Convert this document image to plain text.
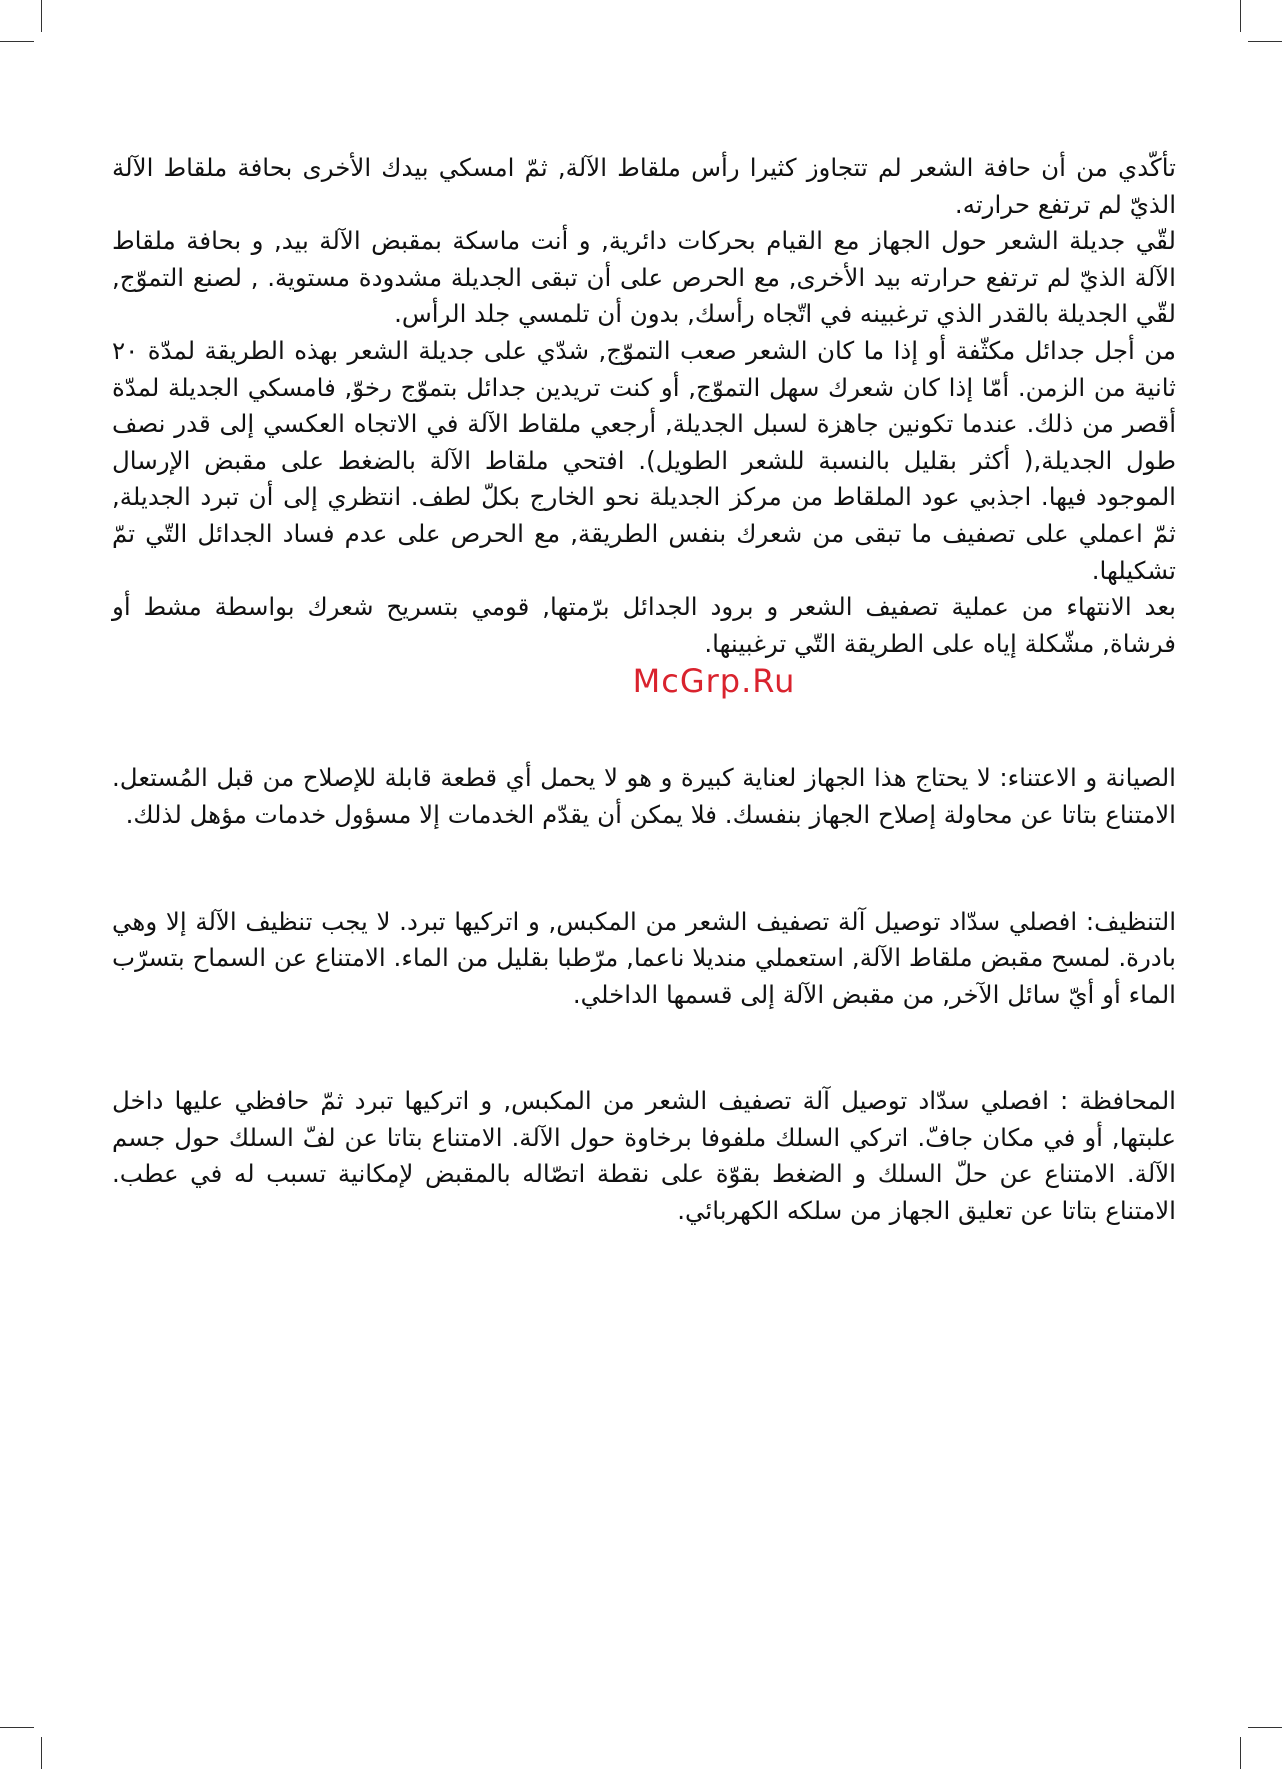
تأكّدي من أن حافة الشعر لم تتجاوز كثيرا رأس ملقاط الآلة, ثمّ امسكي بيدك الأخرى بحافة ملقاط الآلة الذيّ لم ترتفع حرارته.

لقّي جديلة الشعر حول الجهاز مع القيام بحركات دائرية, و أنت ماسكة بمقبض الآلة بيد, و بحافة ملقاط الآلة الذيّ لم ترتفع حرارته بيد الأخرى, مع الحرص على أن تبقى الجديلة مشدودة مستوية. , لصنع التموّج, لقّي الجديلة بالقدر الذي ترغبينه في اتّجاه رأسك, بدون أن تلمسي جلد الرأس.

من أجل جدائل مكثّفة أو إذا ما كان الشعر صعب التموّج, شدّي على جديلة الشعر بهذه الطريقة لمدّة ٢٠ ثانية من الزمن. أمّا إذا كان شعرك سهل التموّج, أو كنت تريدين جدائل بتموّج رخوّ, فامسكي الجديلة لمدّة أقصر من ذلك. عندما تكونين جاهزة لسبل الجديلة, أرجعي ملقاط الآلة في الاتجاه العكسي إلى قدر نصف طول الجديلة,( أكثر بقليل بالنسبة للشعر الطويل). افتحي ملقاط الآلة بالضغط على مقبض الإرسال الموجود فيها. اجذبي عود الملقاط من مركز الجديلة نحو الخارج بكلّ لطف. انتظري إلى أن تبرد الجديلة, ثمّ اعملي على تصفيف ما تبقى من شعرك بنفس الطريقة, مع الحرص على عدم فساد الجدائل التّي تمّ تشكيلها.

بعد الانتهاء من عملية تصفيف الشعر و برود الجدائل برّمتها, قومي بتسريح شعرك بواسطة مشط أو فرشاة, مشّكلة إياه على الطريقة التّي ترغبينها.

McGrp.Ru

الصيانة و الاعتناء: لا يحتاج هذا الجهاز لعناية كبيرة و هو لا يحمل أي قطعة قابلة للإصلاح من قبل المُستعل. الامتناع بتاتا عن محاولة إصلاح الجهاز بنفسك. فلا يمكن أن يقدّم الخدمات إلا مسؤول خدمات مؤهل لذلك.

التنظيف: افصلي سدّاد توصيل آلة تصفيف الشعر من المكبس, و اتركيها تبرد. لا يجب تنظيف الآلة إلا وهي بادرة. لمسح مقبض ملقاط الآلة, استعملي منديلا ناعما, مرّطبا بقليل من الماء. الامتناع عن السماح بتسرّب الماء أو أيّ سائل الآخر, من مقبض الآلة إلى قسمها الداخلي.

المحافظة : افصلي سدّاد توصيل آلة تصفيف الشعر من المكبس, و اتركيها تبرد ثمّ حافظي عليها داخل علبتها, أو في مكان جافّ. اتركي السلك ملفوفا برخاوة حول الآلة. الامتناع بتاتا عن لفّ السلك حول جسم الآلة. الامتناع عن حلّ السلك و الضغط بقوّة على نقطة اتصّاله بالمقبض لإمكانية تسبب له في عطب. الامتناع بتاتا عن تعليق الجهاز من سلكه الكهربائي.
